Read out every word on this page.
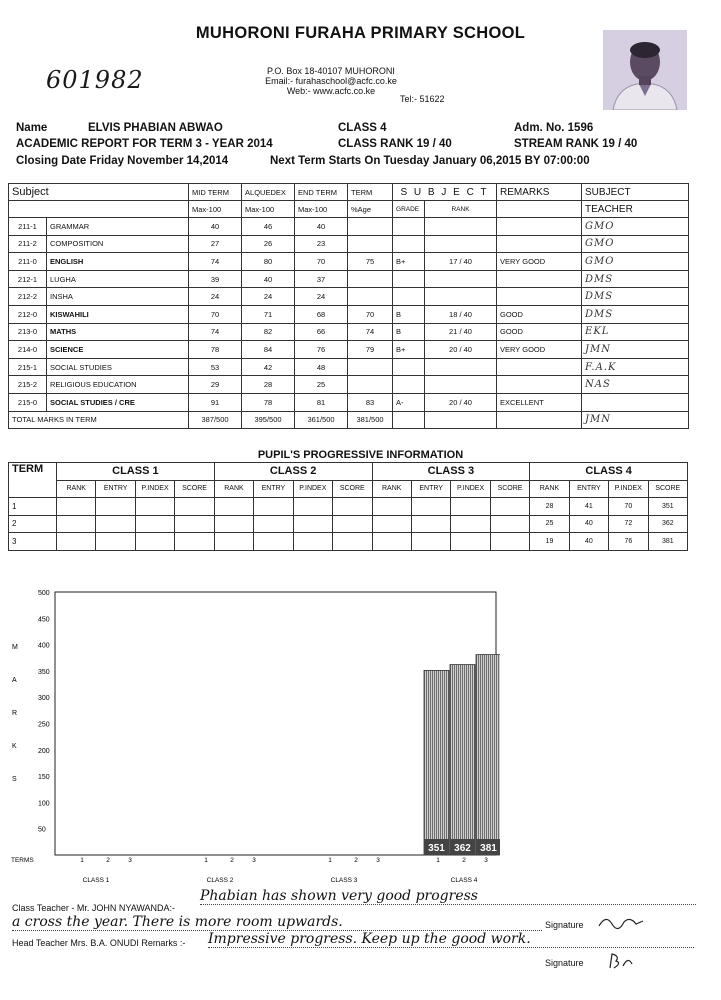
MUHORONI FURAHA PRIMARY SCHOOL
601982	P.O. Box 18-40107 MUHORONI
Email:- furahaschool@acfc.co.ke
Web:- www.acfc.co.ke
Tel:- 51622
Name	ELVIS PHABIAN ABWAO	CLASS 4	Adm. No. 1596
ACADEMIC REPORT FOR TERM 3 - YEAR 2014	CLASS RANK 19 / 40	STREAM RANK 19 / 40
Closing Date Friday November 14,2014	Next Term Starts On Tuesday January 06,2015 BY 07:00:00
Subject		MID TERM	ALQUEDEX	END TERM	TERM	S U B J E C T		REMARKS	SUBJECT
		Max-100	Max-100	Max-100	%Age	GRADE	RANK		TEACHER
211-1	GRAMMAR	40	46	40					GMO
211-2	COMPOSITION	27	26	23					GMO
211-0	ENGLISH	74	80	70	75	B+	17 / 40	VERY GOOD	GMO
212-1	LUGHA	39	40	37					DMS
212-2	INSHA	24	24	24					DMS
212-0	KISWAHILI	70	71	68	70	B	18 / 40	GOOD	DMS
213-0	MATHS	74	82	66	74	B	21 / 40	GOOD	EKL
214-0	SCIENCE	78	84	76	79	B+	20 / 40	VERY GOOD	JMN
215-1	SOCIAL STUDIES	53	42	48					F.A.K
215-2	RELIGIOUS EDUCATION	29	28	25					NAS
215-0	SOCIAL STUDIES / CRE	91	78	81	83	A-	20 / 40	EXCELLENT	
TOTAL MARKS IN TERM		387/500	395/500	361/500	381/500				JMN
PUPIL'S PROGRESSIVE INFORMATION
TERM	CLASS 1				CLASS 2				CLASS 3				CLASS 4			
	RANK	ENTRY	P.INDEX	SCORE	RANK	ENTRY	P.INDEX	SCORE	RANK	ENTRY	P.INDEX	SCORE	RANK	ENTRY	P.INDEX	SCORE
1													28	41	70	351
2													25	40	72	362
3													19	40	76	381
50
100
150
200
250
300
350
400
450
500
M
A
R
K
S
TERMS	1	2	3
CLASS 1
1	2	3
CLASS 2
1	2	3
CLASS 3
1	2	3
CLASS 4
351 362 381
Class Teacher - Mr. JOHN NYAWANDA:-
Phabian has shown very good progress
a cross the year. There is more room upwards.	Signature
Head Teacher Mrs. B.A. ONUDI Remarks :- Impressive progress. Keep up the good work.
Signature
